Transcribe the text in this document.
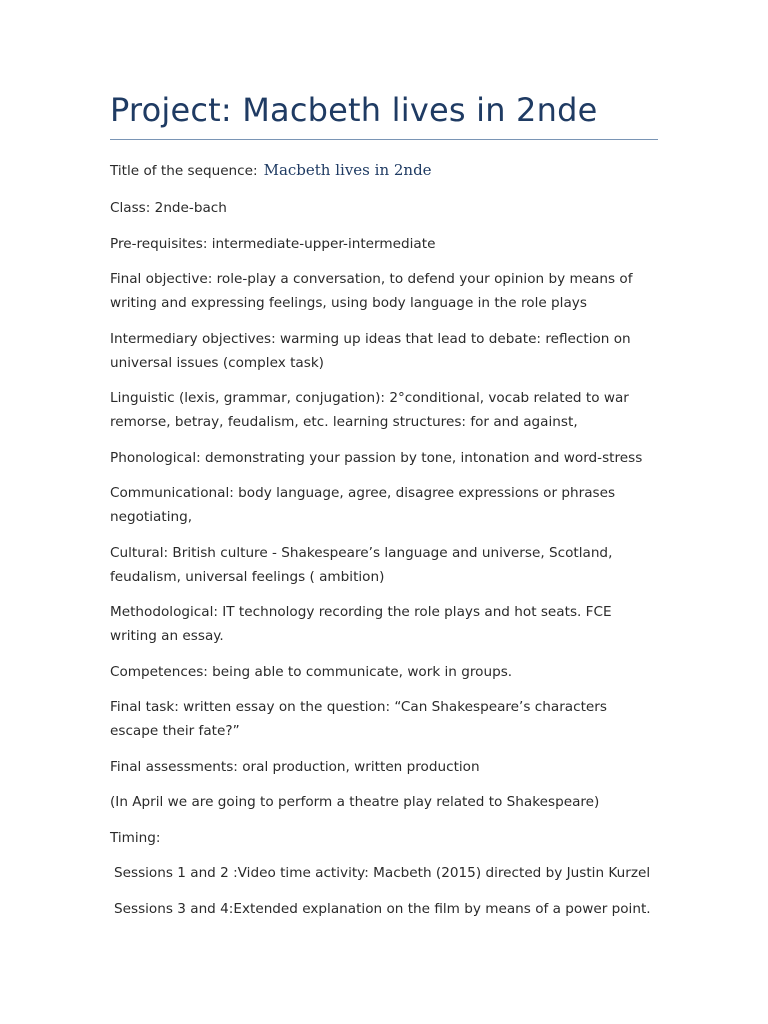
Project: Macbeth lives in 2nde

Title of the sequence: Macbeth lives in 2nde

Class: 2nde-bach

Pre-requisites: intermediate-upper-intermediate

Final objective: role-play a conversation, to defend your opinion by means of writing and expressing feelings, using body language in the role plays

Intermediary objectives: warming up ideas that lead to debate: reflection on universal issues (complex task)

Linguistic (lexis, grammar, conjugation): 2°conditional, vocab related to war remorse, betray, feudalism, etc. learning structures: for and against,

Phonological: demonstrating your passion by tone, intonation and word-stress

Communicational: body language, agree, disagree expressions or phrases negotiating,

Cultural: British culture - Shakespeare’s language and universe, Scotland, feudalism, universal feelings ( ambition)

Methodological: IT technology recording the role plays and hot seats. FCE writing an essay.

Competences: being able to communicate, work in groups.

Final task: written essay on the question: “Can Shakespeare’s characters escape their fate?”

Final assessments: oral production, written production

(In April we are going to perform a theatre play related to Shakespeare)

Timing:

Sessions 1 and 2 :Video time activity: Macbeth (2015) directed by Justin Kurzel

Sessions 3 and 4:Extended explanation on the film by means of a power point.
